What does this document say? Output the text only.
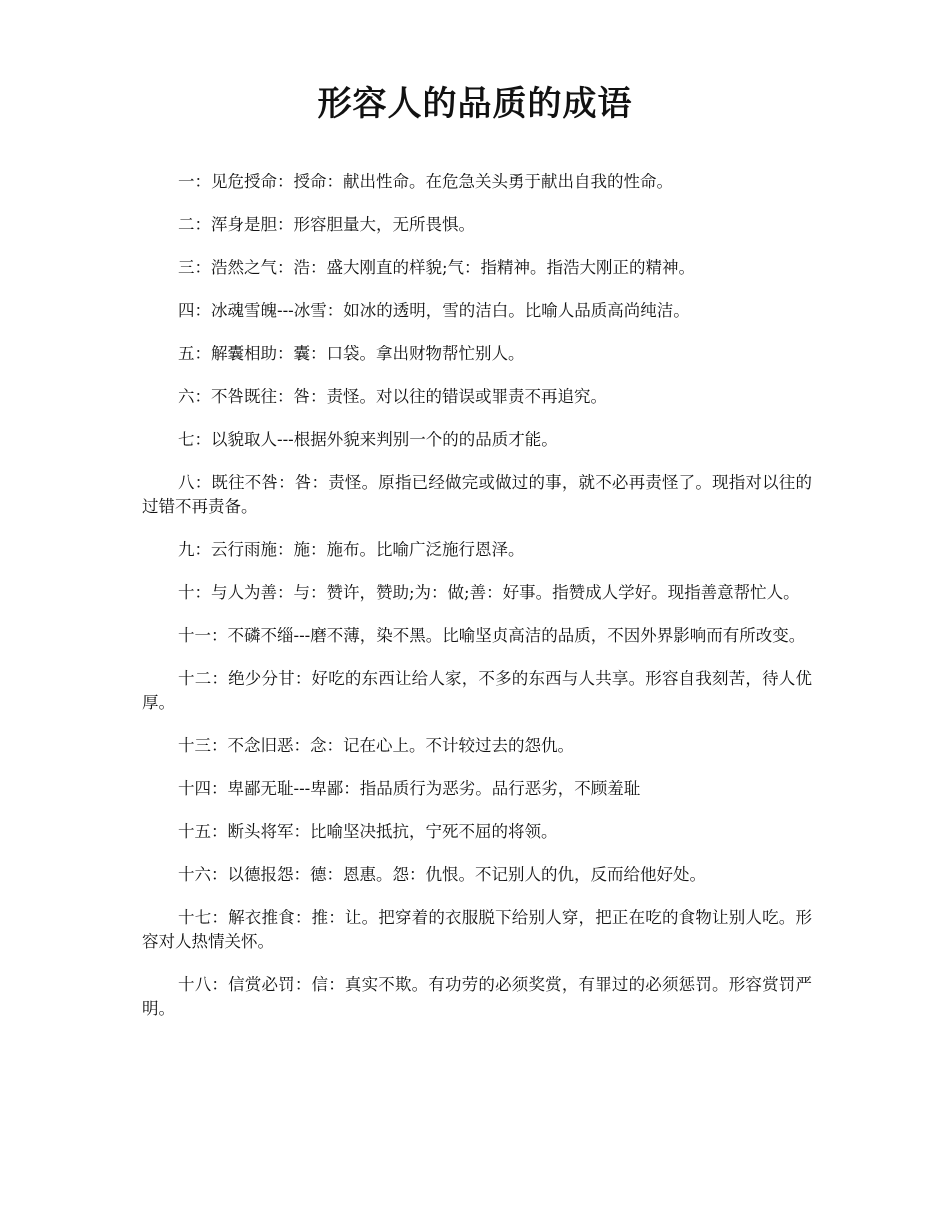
形容人的品质的成语

一：见危授命：授命：献出性命。在危急关头勇于献出自我的性命。

二：浑身是胆：形容胆量大，无所畏惧。

三：浩然之气：浩：盛大刚直的样貌;气：指精神。指浩大刚正的精神。

四：冰魂雪魄---冰雪：如冰的透明，雪的洁白。比喻人品质高尚纯洁。

五：解囊相助：囊：口袋。拿出财物帮忙别人。

六：不咎既往：咎：责怪。对以往的错误或罪责不再追究。

七：以貌取人---根据外貌来判别一个的的品质才能。

八：既往不咎：咎：责怪。原指已经做完或做过的事，就不必再责怪了。现指对以往的过错不再责备。

九：云行雨施：施：施布。比喻广泛施行恩泽。

十：与人为善：与：赞许，赞助;为：做;善：好事。指赞成人学好。现指善意帮忙人。

十一：不磷不缁---磨不薄，染不黑。比喻坚贞高洁的品质，不因外界影响而有所改变。

十二：绝少分甘：好吃的东西让给人家，不多的东西与人共享。形容自我刻苦，待人优厚。

十三：不念旧恶：念：记在心上。不计较过去的怨仇。

十四：卑鄙无耻---卑鄙：指品质行为恶劣。品行恶劣，不顾羞耻

十五：断头将军：比喻坚决抵抗，宁死不屈的将领。

十六：以德报怨：德：恩惠。怨：仇恨。不记别人的仇，反而给他好处。

十七：解衣推食：推：让。把穿着的衣服脱下给别人穿，把正在吃的食物让别人吃。形容对人热情关怀。

十八：信赏必罚：信：真实不欺。有功劳的必须奖赏，有罪过的必须惩罚。形容赏罚严明。
